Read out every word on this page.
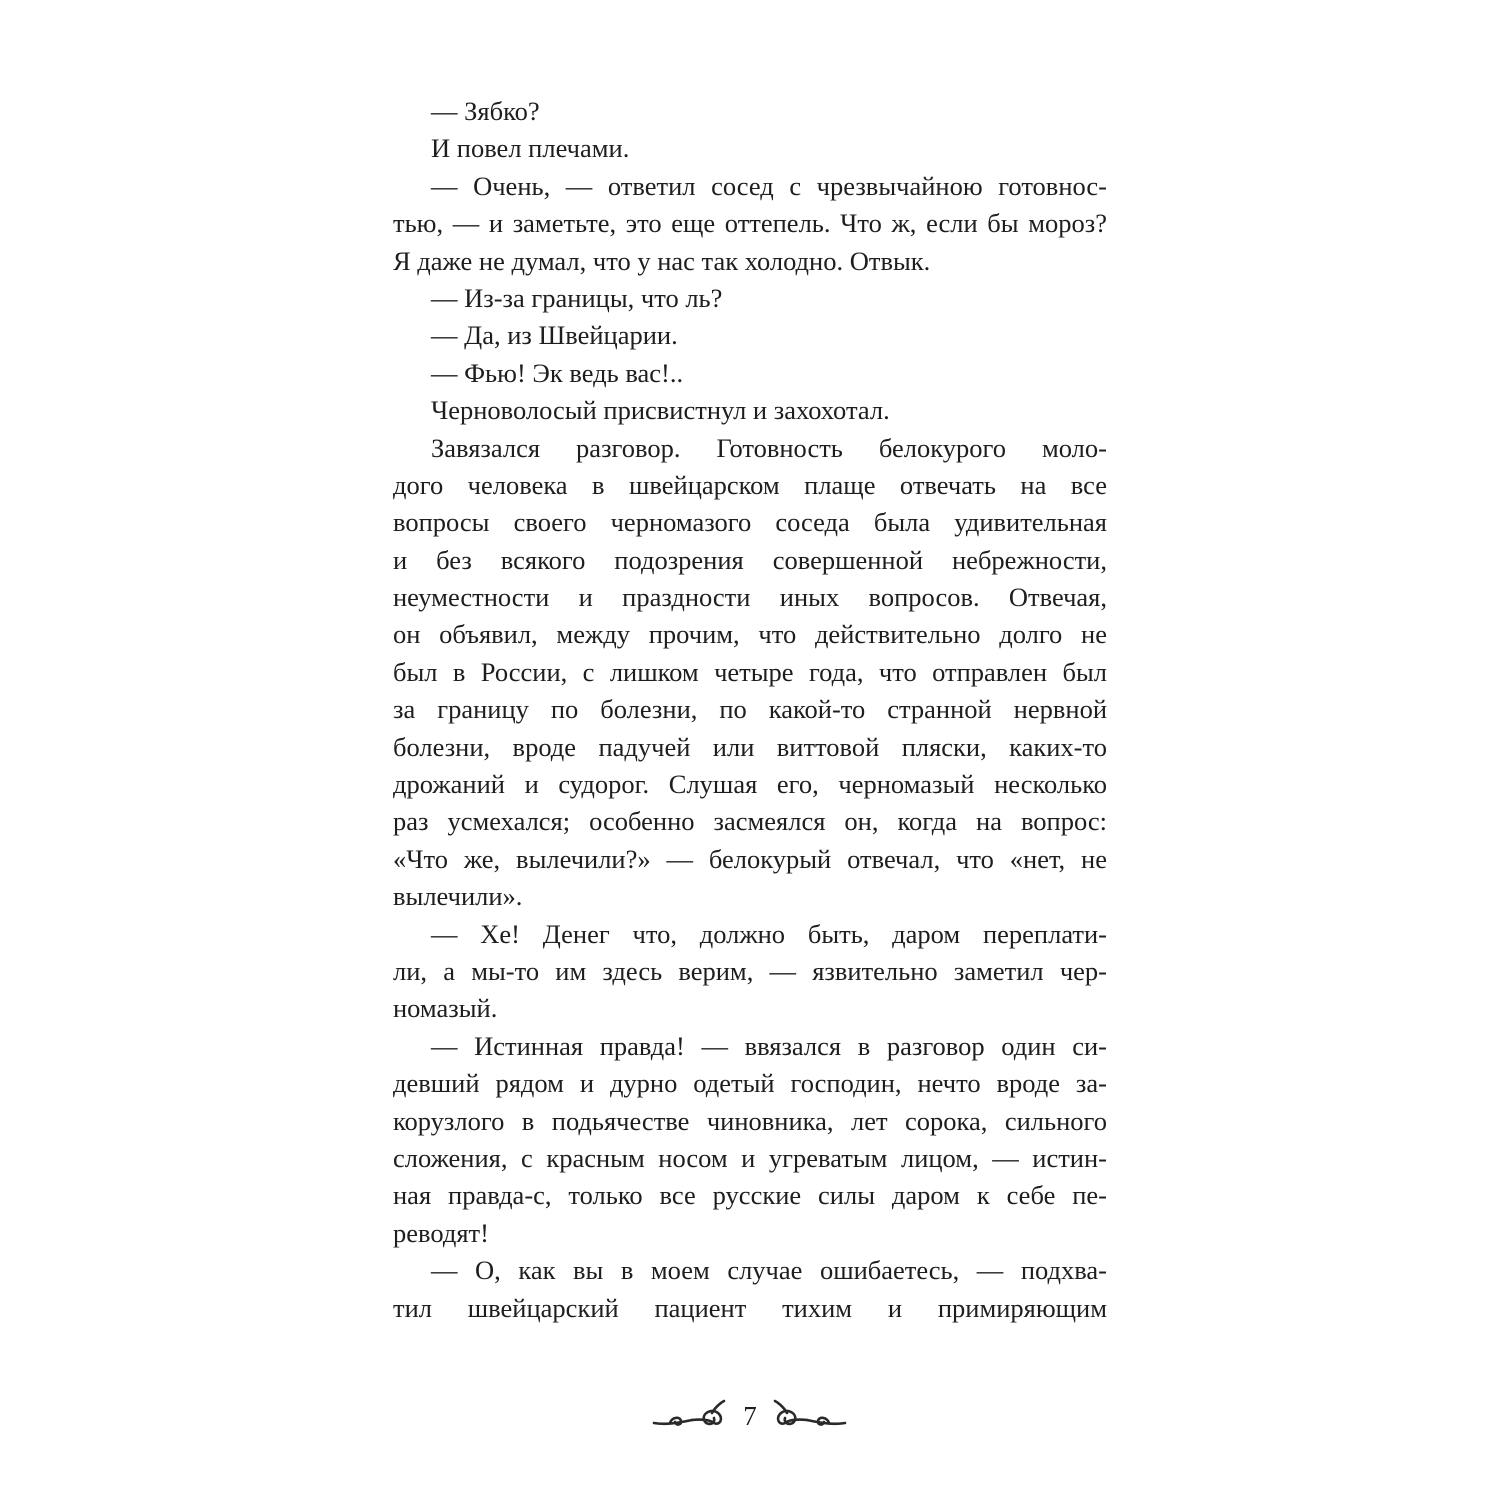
— Зябко?
И повел плечами.
— Очень, — ответил сосед с чрезвычайною готовнос-
тью, — и заметьте, это еще оттепель. Что ж, если бы мороз?
Я даже не думал, что у нас так холодно. Отвык.
— Из-за границы, что ль?
— Да, из Швейцарии.
— Фью! Эк ведь вас!..
Черноволосый присвистнул и захохотал.
Завязался разговор. Готовность белокурого моло-
дого человека в швейцарском плаще отвечать на все
вопросы своего черномазого соседа была удивительная
и без всякого подозрения совершенной небрежности,
неуместности и праздности иных вопросов. Отвечая,
он объявил, между прочим, что действительно долго не
был в России, с лишком четыре года, что отправлен был
за границу по болезни, по какой-то странной нервной
болезни, вроде падучей или виттовой пляски, каких-то
дрожаний и судорог. Слушая его, черномазый несколько
раз усмехался; особенно засмеялся он, когда на вопрос:
«Что же, вылечили?» — белокурый отвечал, что «нет, не
вылечили».
— Хе! Денег что, должно быть, даром переплати-
ли, а мы-то им здесь верим, — язвительно заметил чер-
номазый.
— Истинная правда! — ввязался в разговор один си-
девший рядом и дурно одетый господин, нечто вроде за-
корузлого в подьячестве чиновника, лет сорока, сильного
сложения, с красным носом и угреватым лицом, — истин-
ная правда-с, только все русские силы даром к себе пе-
реводят!
— О, как вы в моем случае ошибаетесь, — подхва-
тил швейцарский пациент тихим и примиряющим
7
